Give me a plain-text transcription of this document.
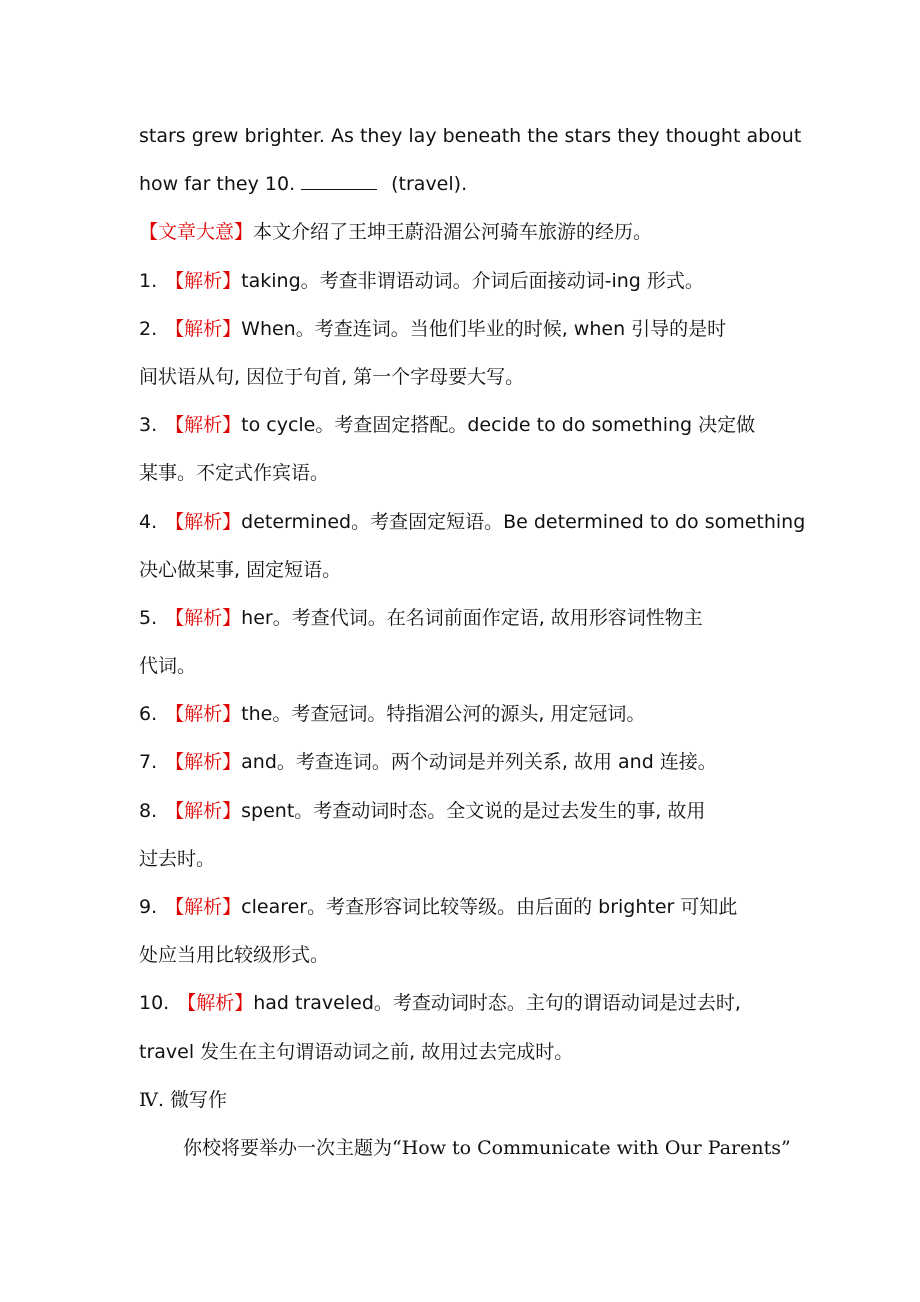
stars grew brighter. As they lay beneath the stars they thought about
how far they 10.	(travel).
【文章大意】本文介绍了王坤王蔚沿湄公河骑车旅游的经历。
1. 【解析】taking。考查非谓语动词。介词后面接动词-ing 形式。
2. 【解析】When。考查连词。当他们毕业的时候, when 引导的是时
间状语从句, 因位于句首, 第一个字母要大写。
3. 【解析】to cycle。考查固定搭配。decide to do something 决定做
某事。不定式作宾语。
4. 【解析】determined。考查固定短语。Be determined to do something
决心做某事, 固定短语。
5. 【解析】her。考查代词。在名词前面作定语, 故用形容词性物主
代词。
6. 【解析】the。考查冠词。特指湄公河的源头, 用定冠词。
7. 【解析】and。考查连词。两个动词是并列关系, 故用 and 连接。
8. 【解析】spent。考查动词时态。全文说的是过去发生的事, 故用
过去时。
9. 【解析】clearer。考查形容词比较等级。由后面的 brighter 可知此
处应当用比较级形式。
10. 【解析】had traveled。考查动词时态。主句的谓语动词是过去时,
travel 发生在主句谓语动词之前, 故用过去完成时。
Ⅳ. 微写作
你校将要举办一次主题为“How to Communicate with Our Parents”
